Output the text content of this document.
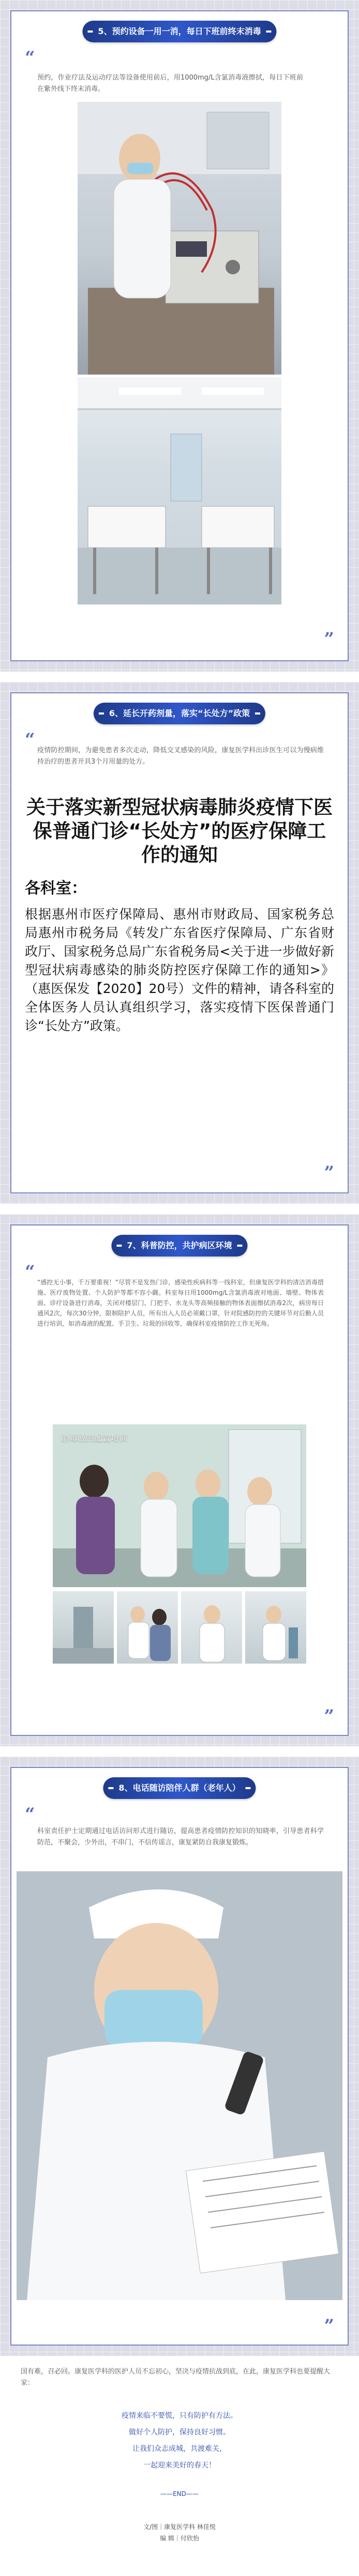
5、预约设备一用一消，每日下班前终末消毒
“
预约，作业疗法及运动疗法等设备使用前后，用1000mg/L含氯消毒液擦拭，每日下班前在紫外线下终末消毒。
”
6、延长开药剂量，落实“长处方”政策
“
疫情防控期间，为避免患者多次走动，降低交叉感染的风险，康复医学科出诊医生可以为慢病维持治疗的患者开具3个月用量的处方。
”
关于落实新型冠状病毒肺炎疫情下医保普通门诊“长处方”的医疗保障工作的通知
各科室：
根据惠州市医疗保障局、惠州市财政局、国家税务总局惠州市税务局《转发广东省医疗保障局、广东省财政厅、国家税务总局广东省税务局<关于进一步做好新型冠状病毒感染的肺炎防控医疗保障工作的通知>》（惠医保发【2020】20号）文件的精神，请各科室的全体医务人员认真组织学习，落实疫情下医保普通门诊“长处方”政策。
7、科普防控，共护病区环境
“ “感控无小事，千万要重视！”尽管不是发热门诊，感染性疾病科等一线科室，但康复医学科的清洁消毒措施、医疗废物处置、个人防护等都不容小觑。科室每日用1000mg/L含氯消毒液对地面、墙壁、物体表面、诊疗设备进行消毒，关闭对楼层门、门把手、水龙头等高频接触的物体表面擦拭消毒2次，病房每日通风2次，每次30分钟，限制陪护人员，所有出入人员必须戴口罩，针对院感防控的关键环节对后勤人员进行培训，如消毒液的配置、手卫生、垃圾的回收等，确保科室疫情防控工作无死角。
消毒液的配置培训
”
8、电话随访陪伴人群（老年人）
“
科室责任护士定期通过电话访问形式进行随访，提高患者疫情防控知识的知晓率，引导患者科学防范，不聚会，少外出，不串门，不信传谣言，康复紧防自我康复锻炼。
”
国有难，召必回。康复医学科的医护人员不忘初心，坚决与疫情抗战到底，在此，康复医学科也要提醒大家：
疫情来临不要慌，只有防护有方法。
做好个人防护，保持良好习惯。
让我们众志成城，共渡难关，
一起迎来美好的春天！
——END——
文/图｜康复医学科 林佳悦
编 辑｜付欣怡
